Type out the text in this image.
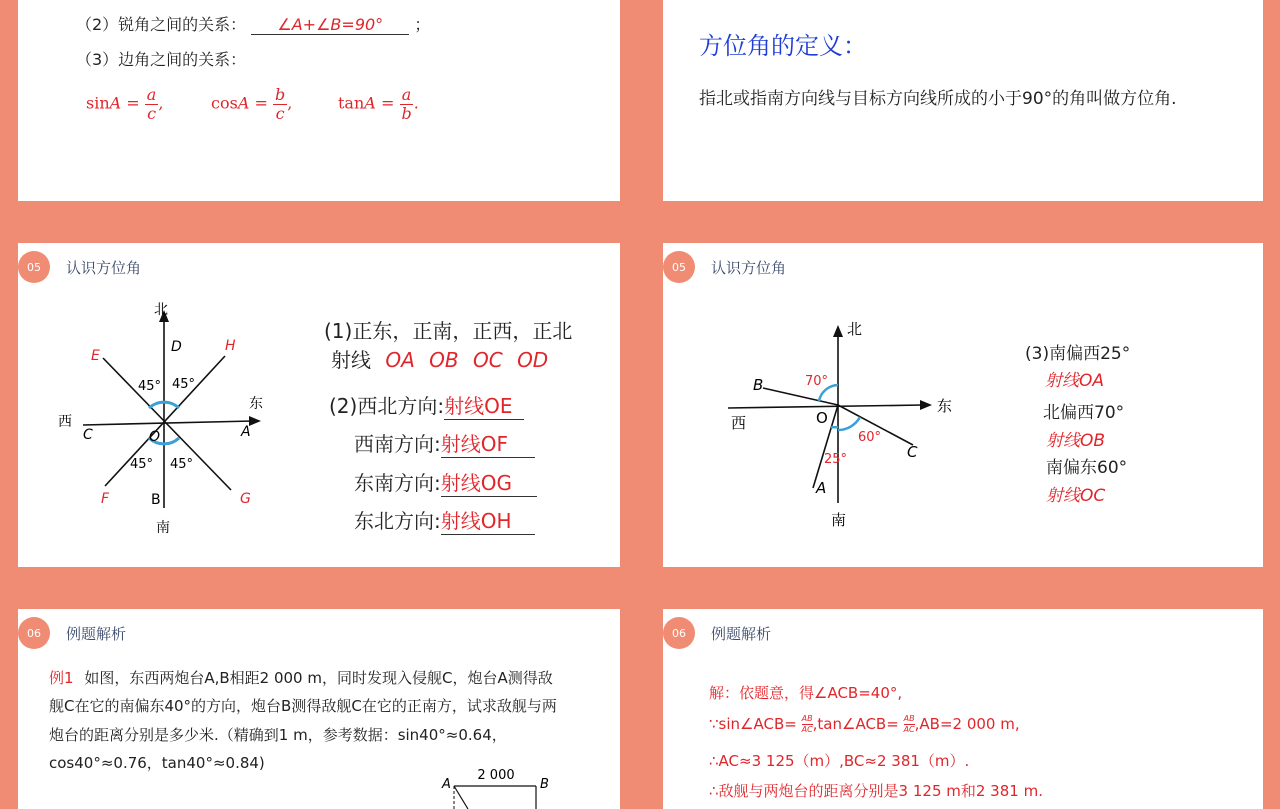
（2）锐角之间的关系： ∠A+∠B=90° ；
（3）边角之间的关系：
$\sin A = \frac{a}{c}$ ,	$\cos A = \frac{b}{c}$ ,	$\tan A = \frac{a}{b}$ .
方位角的定义：
指北或指南方向线与目标方向线所成的小于90°的角叫做方位角.
05	认识方位角
北
南
西
东
D
B
C	A
O
E
H
F	G
45° 45°
45° 45°
(1)正东，正南，正西，正北
射线 OA OB OC OD
(2)西北方向:射线OE
西南方向:射线OF
东南方向:射线OG
东北方向:射线OH
05	认识方位角
北
南
西
东
O
B
C
A
70°
60°
25°
(3)南偏西25°
射线OA
北偏西70°
射线OB
南偏东60°
射线OC
06	例题解析
例1 如图，东西两炮台A,B相距2 000 m，同时发现入侵舰C，炮台A测得敌
舰C在它的南偏东40°的方向，炮台B测得敌舰C在它的正南方，试求敌舰与两
炮台的距离分别是多少米.（精确到1 m，参考数据：sin40°≈0.64，
cos40°≈0.76，tan40°≈0.84)
A	B
2 000
06	例题解析
解：依题意，得∠ACB=40°,
∵sin∠ACB= $\frac{AB}{AC}$ ,tan∠ACB= $\frac{AB}{AC} ,AB=2$ 000 m,
∴AC≈3 125（m）,BC≈2 381（m）.
∴敌舰与两炮台的距离分别是3 125 m和2 381 m.
